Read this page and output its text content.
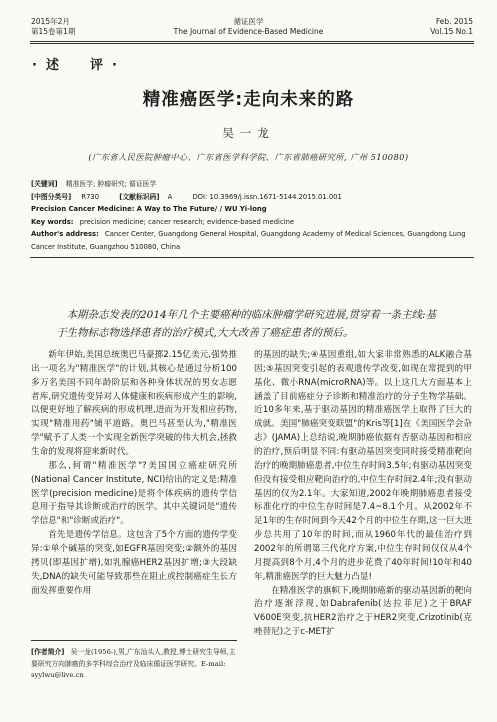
2015年2月
第15卷第1期
循证医学
The Journal of Evidence-Based Medicine
Feb. 2015
Vol.15 No.1
·述　评·
精准癌医学:走向未来的路
吴一龙
(广东省人民医院肿瘤中心、广东省医学科学院、广东省肺癌研究所, 广州 510080)
[关键词] 精准医学; 肿瘤研究; 循证医学
[中图分类号] R730	[文献标识码] A	DOI: 10.3969/j.issn.1671-5144.2015.01.001
Precision Cancer Medicine: A Way to The Future/ / WU Yi-long
Key words: precision medicine; cancer research; evidence-based medicine
Author's address: Cancer Center, Guangdong General Hospital, Guangdong Academy of Medical Sciences, Guangdong Lung
Cancer Institute, Guangzhou 510080, China
本期杂志发表的2014年几个主要癌种的临床肿瘤学研究进展,贯穿着一条主线:基于生物标志物选择患者的治疗模式,大大改善了癌症患者的预后。

新年伊始,美国总统奥巴马豪掷2.15亿美元,强势推出一项名为"精准医学"的计划,其核心是通过分析100多万名美国不同年龄阶层和各种身体状况的男女志愿者库,研究遗传变异对人体健康和疾病形成产生的影响,以便更好地了解疾病的形成机理,进而为开发相应药物,实现"精准用药"铺平道路。奥巴马甚至认为,"精准医学"赋予了人类一个实现全新医学突破的伟大机会,拯救生命的发现将迎来新时代。

那么,何谓"精准医学"?美国国立癌症研究所(National Cancer Institute, NCI)给出的定义是:精准医学(precision medicine)是将个体疾病的遗传学信息用于指导其诊断或治疗的医学。其中关键词是"遗传学信息"和"诊断或治疗"。

首先是遗传学信息。这包含了5个方面的遗传学变异:①单个碱基的突变,如EGFR基因突变;②额外的基因拷贝(即基因扩增),如乳腺癌HER2基因扩增;③大段缺失,DNA的缺失可能导致那些在阻止或控制癌症生长方面发挥重要作用

[作者简介] 吴一龙(1956-),男,广东汕头人,教授,博士研究生导师,主要研究方向肺癌的多学科综合治疗及临床循证医学研究。E-mail: syylwu@live.cn

的基因的缺失;④基因重组,如大家非常熟悉的ALK融合基因;⑤基因突变引起的表观遗传学改变,如现在常提到的甲基化、微小RNA(microRNA)等。以上这几大方面基本上涵盖了目前癌症分子诊断和精准治疗的分子生物学基础。近10多年来,基于驱动基因的精准癌医学上取得了巨大的成就。美国"肺癌突变联盟"的Kris等[1]在《美国医学会杂志》(JAMA)上总结说,晚期肺癌依据有否驱动基因和相应的治疗,预后明显不同:有驱动基因突变同时接受精准靶向治疗的晚期肺癌患者,中位生存时间3.5年;有驱动基因突变但没有接受相应靶向治疗的,中位生存时间2.4年;没有驱动基因的仅为2.1年。大家知道,2002年晚期肺癌患者接受标准化疗的中位生存时间是7.4~8.1个月。从2002年不足1年的生存时间到今天42个月的中位生存期,这一巨大进步总共用了10年的时间,而从1960年代的最佳治疗到2002年的所谓第三代化疗方案,中位生存时间仅仅从4个月提高到8个月,4个月的进步花费了40年时间!10年和40年,精准癌医学的巨大魅力凸显!

在精准医学的旗帜下,晚期肺癌新的驱动基因新的靶向治疗逐渐浮现,如Dabrafenib(达拉菲尼)之于BRAF V600E突变,抗HER2治疗之于HER2突变,Crizotinib(克唑替尼)之于c-MET扩
